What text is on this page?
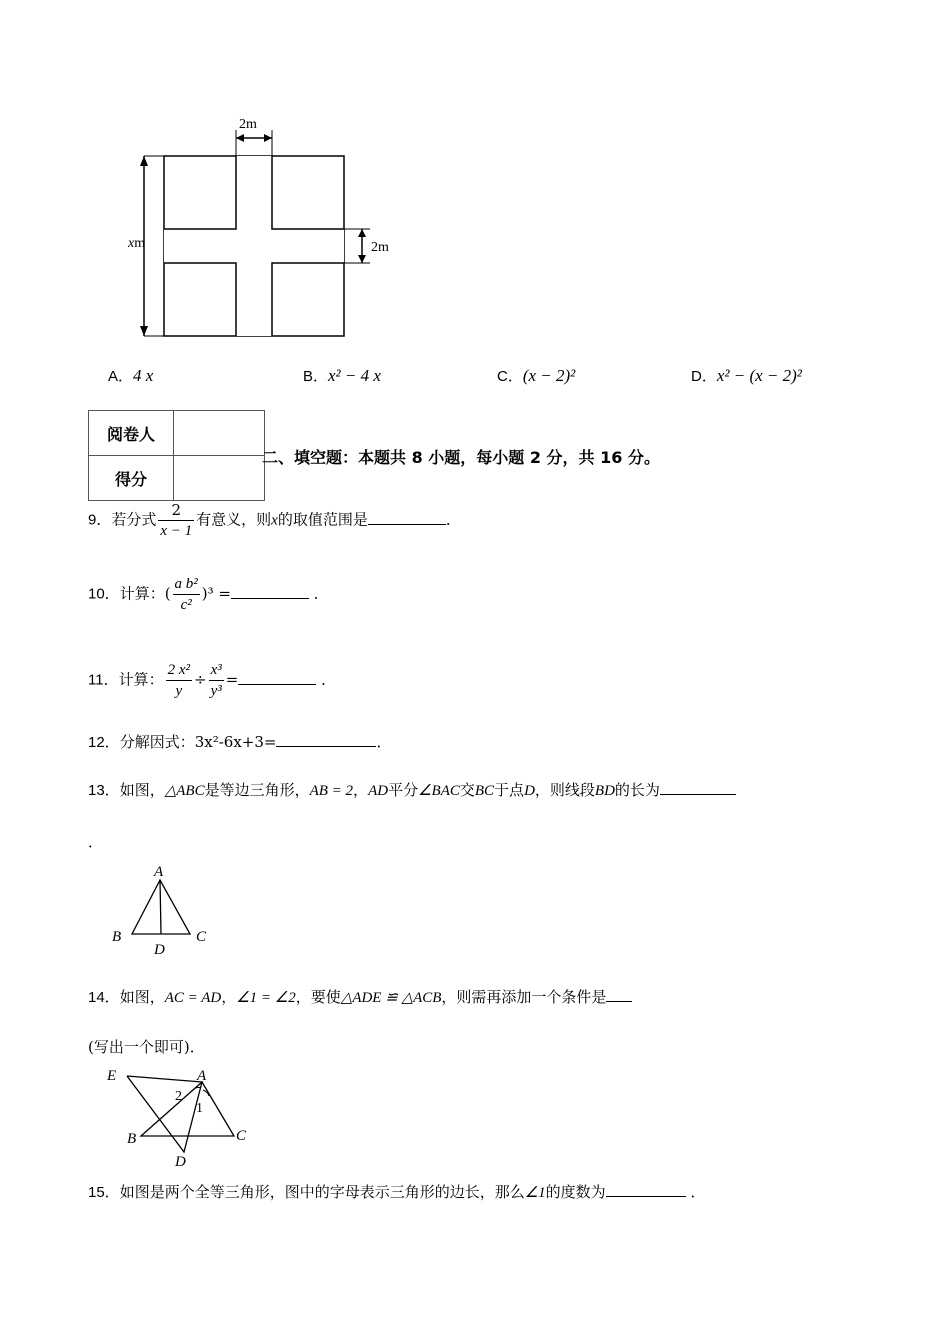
2m
2m
xm
A．4 x	B．x² − 4 x	C．(x − 2)²	D．x² − (x − 2)²
阅卷人	
得分	
二、填空题：本题共 8 小题，每小题 2 分，共 16 分。
9．若分式 $\frac{2}{x - 1}$ 有意义，则x的取值范围是	．
10．计算：( $\frac{\text{a b²}}{\text{c²}} )^3$ =	．
11．计算： $\frac{\text{2 x²}}{y} \div \frac{\text{x³}}{\text{y³}}$ =	．
12．分解因式：3x²-6x+3=	．
13．如图，△ABC是等边三角形，AB = 2，AD平分∠BAC交BC于点D，则线段BD的长为
．
A
B	C
D
14．如图，AC = AD，∠1 = ∠2，要使△ADE ≌ △ACB，则需再添加一个条件是
(写出一个即可)．
E	A
B	C
D
2
1
15．如图是两个全等三角形，图中的字母表示三角形的边长，那么∠1的度数为	．
